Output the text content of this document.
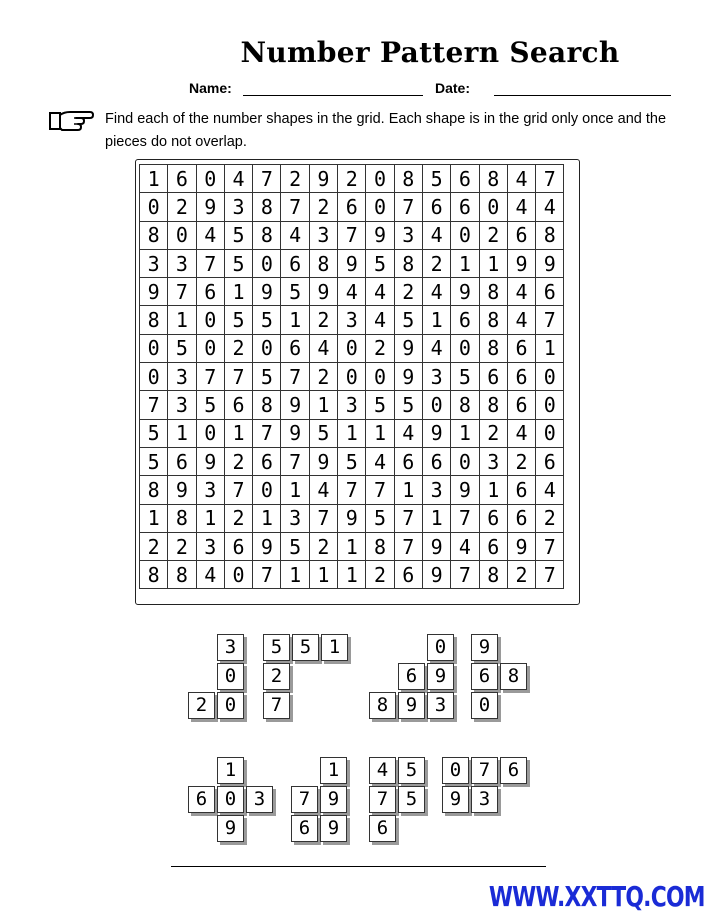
Number Pattern Search
Name:	Date:
Find each of the number shapes in the grid. Each shape is in the grid only once and the pieces do not overlap.
1	6	0	4	7	2	9	2	0	8	5	6	8	4	7
0	2	9	3	8	7	2	6	0	7	6	6	0	4	4
8	0	4	5	8	4	3	7	9	3	4	0	2	6	8
3	3	7	5	0	6	8	9	5	8	2	1	1	9	9
9	7	6	1	9	5	9	4	4	2	4	9	8	4	6
8	1	0	5	5	1	2	3	4	5	1	6	8	4	7
0	5	0	2	0	6	4	0	2	9	4	0	8	6	1
0	3	7	7	5	7	2	0	0	9	3	5	6	6	0
7	3	5	6	8	9	1	3	5	5	0	8	8	6	0
5	1	0	1	7	9	5	1	1	4	9	1	2	4	0
5	6	9	2	6	7	9	5	4	6	6	0	3	2	6
8	9	3	7	0	1	4	7	7	1	3	9	1	6	4
1	8	1	2	1	3	7	9	5	7	1	7	6	6	2
2	2	3	6	9	5	2	1	8	7	9	4	6	9	7
8	8	4	0	7	1	1	1	2	6	9	7	8	2	7
3
0
2 0
5 5 1
2
7
0
6 9
8 9 3
9
6 8
0
1
6 0 3
9
1
7 9
6 9
4 5
7 5
6
0 7 6
9 3
WWW.XXTTQ.COM
